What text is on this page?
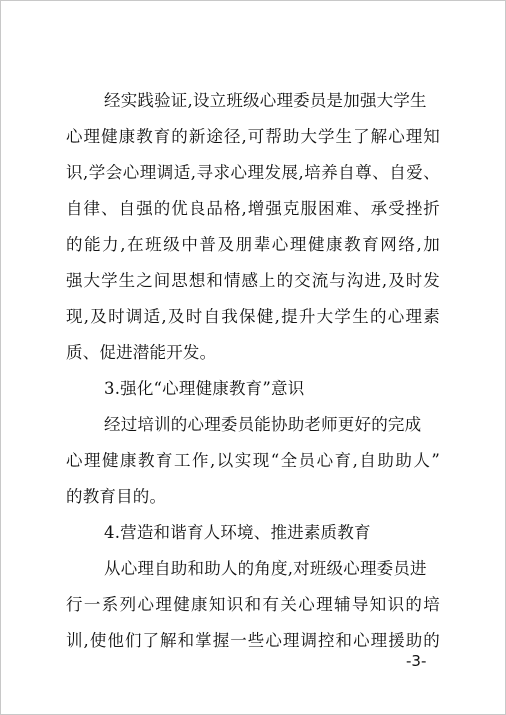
经实践验证,设立班级心理委员是加强大学生
心理健康教育的新途径,可帮助大学生了解心理知
识,学会心理调适,寻求心理发展,培养自尊、自爱、
自律、自强的优良品格,增强克服困难、承受挫折
的能力,在班级中普及朋辈心理健康教育网络,加
强大学生之间思想和情感上的交流与沟进,及时发
现,及时调适,及时自我保健,提升大学生的心理素
质、促进潜能开发。
3.强化“心理健康教育”意识
经过培训的心理委员能协助老师更好的完成
心理健康教育工作,以实现“全员心育,自助助人”
的教育目的。
4.营造和谐育人环境、推进素质教育
从心理自助和助人的角度,对班级心理委员进
行一系列心理健康知识和有关心理辅导知识的培
训,使他们了解和掌握一些心理调控和心理援助的
-3-
